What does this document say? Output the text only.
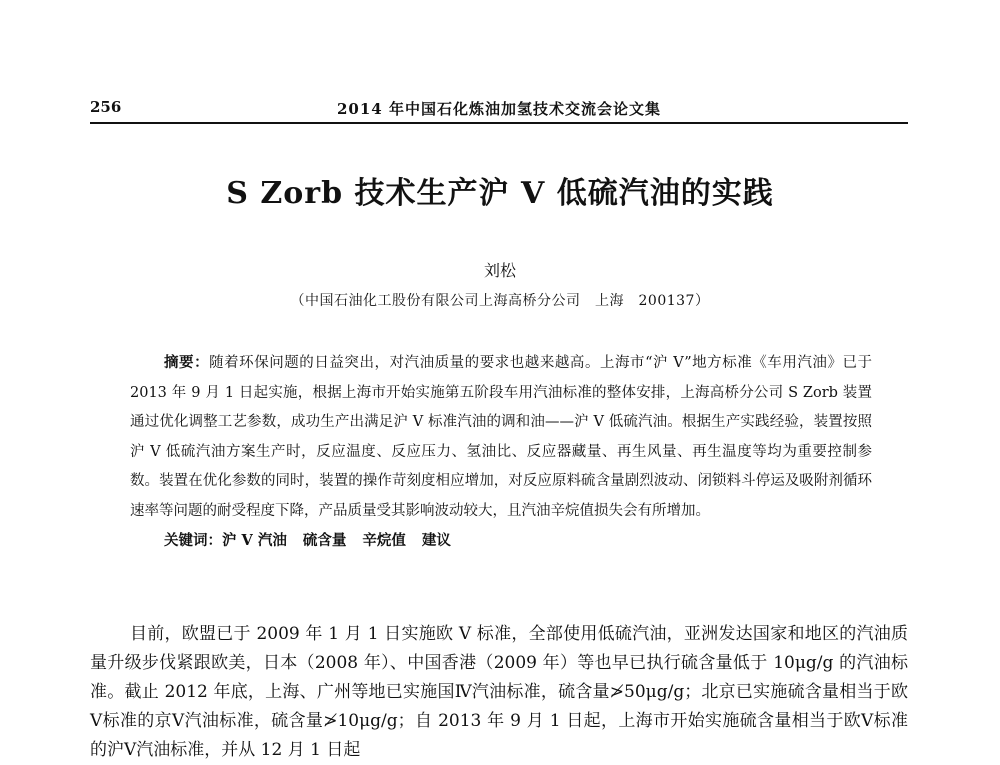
256	2014 年中国石化炼油加氢技术交流会论文集
S Zorb 技术生产沪 V 低硫汽油的实践
刘松
（中国石油化工股份有限公司上海高桥分公司　上海　200137）

摘要：随着环保问题的日益突出，对汽油质量的要求也越来越高。上海市“沪 V”地方标准《车用汽油》已于 2013 年 9 月 1 日起实施，根据上海市开始实施第五阶段车用汽油标准的整体安排，上海高桥分公司 S Zorb 装置通过优化调整工艺参数，成功生产出满足沪 V 标准汽油的调和油——沪 V 低硫汽油。根据生产实践经验，装置按照沪 V 低硫汽油方案生产时，反应温度、反应压力、氢油比、反应器藏量、再生风量、再生温度等均为重要控制参数。装置在优化参数的同时，装置的操作苛刻度相应增加，对反应原料硫含量剧烈波动、闭锁料斗停运及吸附剂循环速率等问题的耐受程度下降，产品质量受其影响波动较大，且汽油辛烷值损失会有所增加。

关键词：沪 V 汽油 硫含量 辛烷值 建议

目前，欧盟已于 2009 年 1 月 1 日实施欧 V 标准，全部使用低硫汽油，亚洲发达国家和地区的汽油质量升级步伐紧跟欧美，日本（2008 年）、中国香港（2009 年）等也早已执行硫含量低于 10μg/g 的汽油标准。截止 2012 年底，上海、广州等地已实施国Ⅳ汽油标准，硫含量≯50μg/g；北京已实施硫含量相当于欧Ⅴ标准的京Ⅴ汽油标准，硫含量≯10μg/g；自 2013 年 9 月 1 日起，上海市开始实施硫含量相当于欧Ⅴ标准的沪Ⅴ汽油标准，并从 12 月 1 日起
